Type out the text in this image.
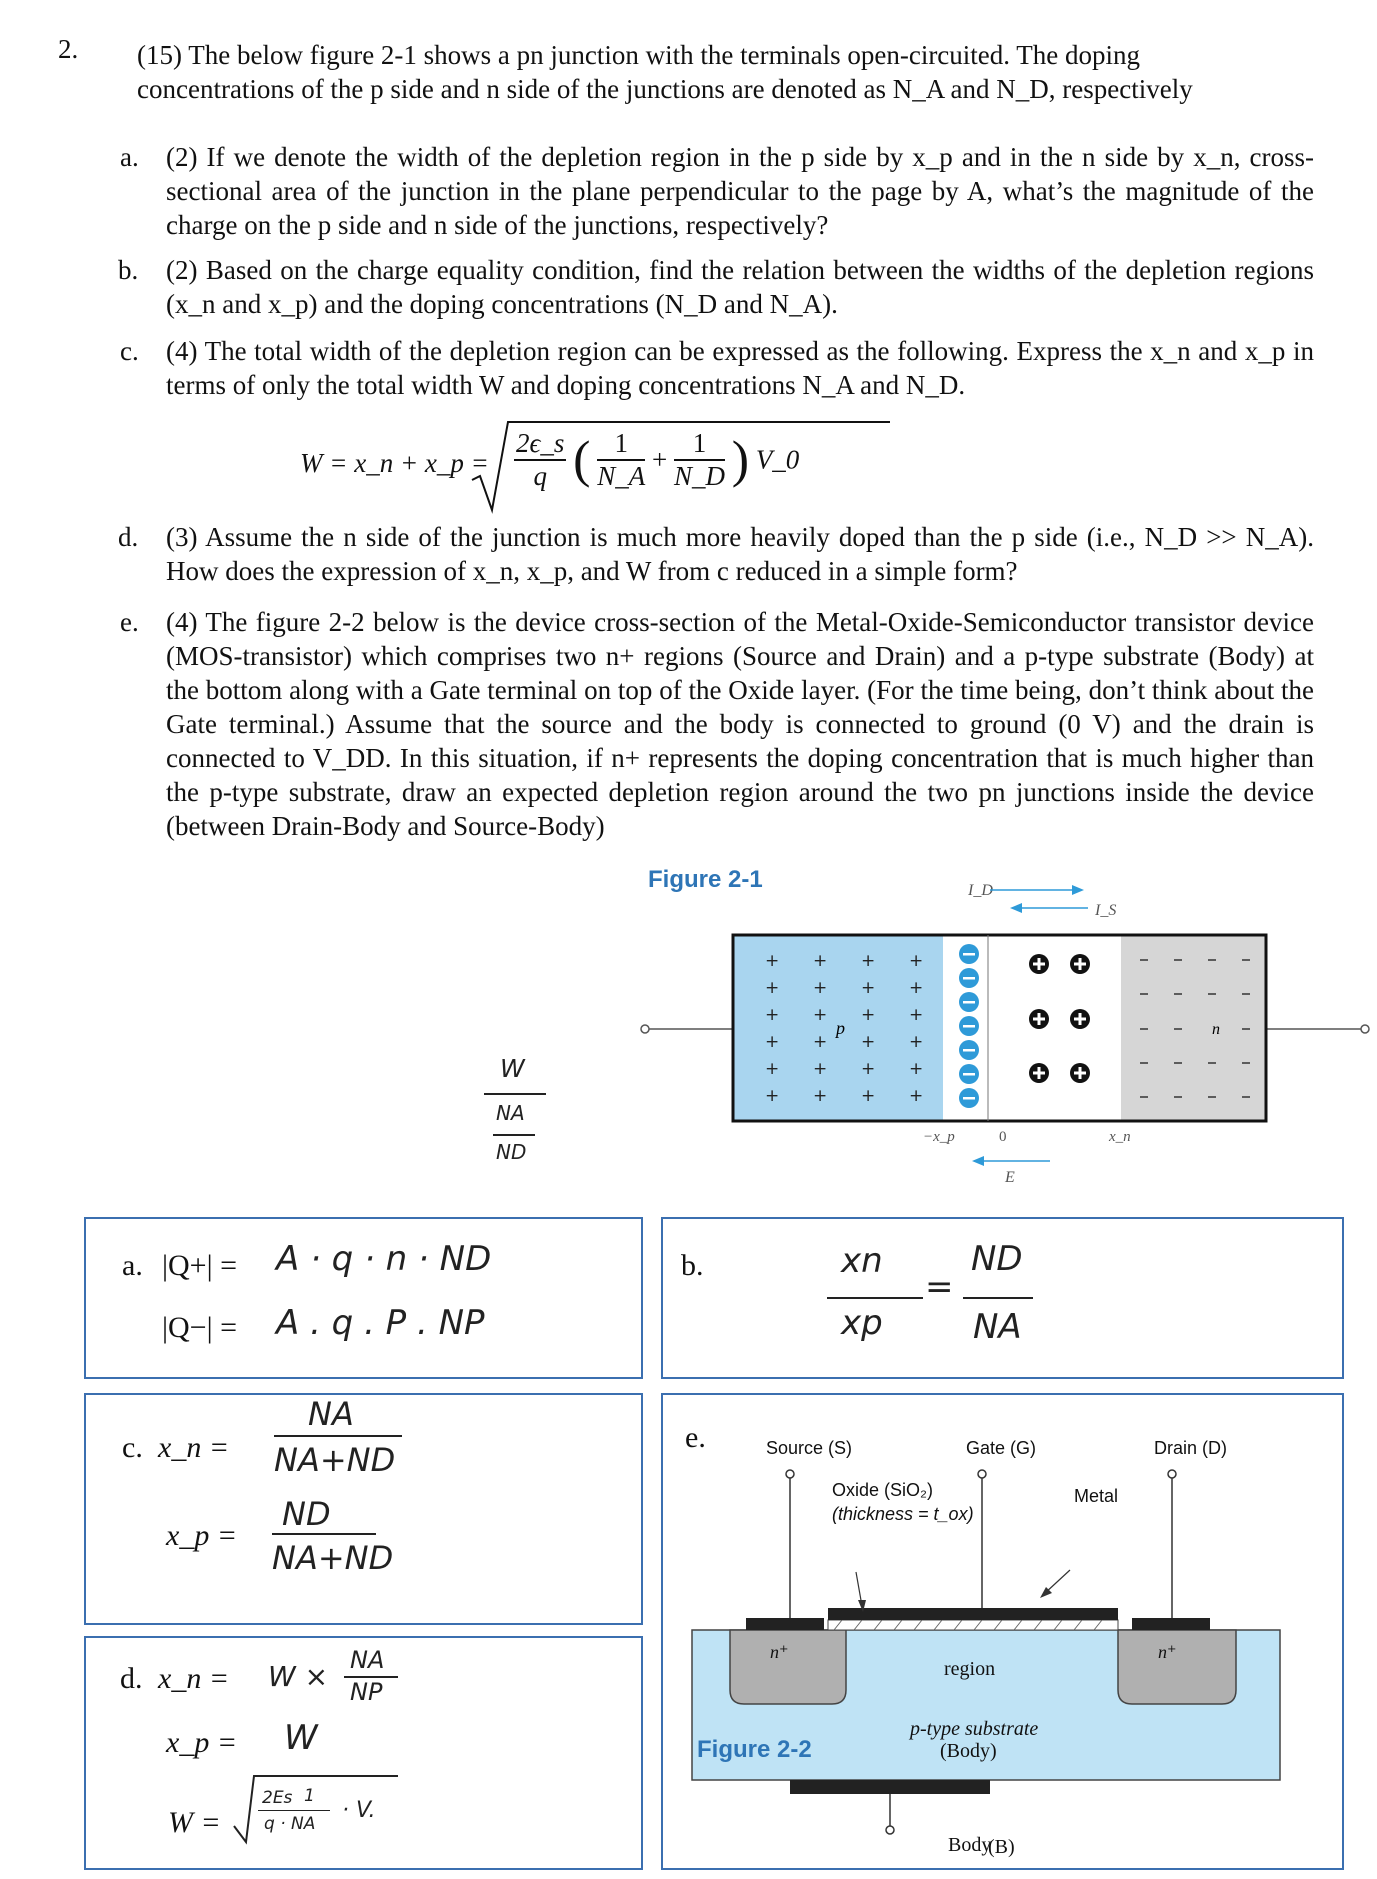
2. (15) The below figure 2-1 shows a pn junction with the terminals open-circuited. The doping
concentrations of the p side and n side of the junctions are denoted as N_A and N_D, respectively
a. (2) If we denote the width of the depletion region in the p side by x_p and in the n side by x_n, cross-sectional area of the junction in the plane perpendicular to the page by A, what’s the magnitude of the charge on the p side and n side of the junctions, respectively?
b. (2) Based on the charge equality condition, find the relation between the widths of the depletion regions (x_n and x_p) and the doping concentrations (N_D and N_A).
c. (4) The total width of the depletion region can be expressed as the following. Express the x_n and x_p in terms of only the total width W and doping concentrations N_A and N_D.
W = x_n + x_p = $\frac{2\epsilon\_s}{q}$ ( $\frac{1}{N\_A} + \frac{1}{N\_D}$ ) V_0
d. (3) Assume the n side of the junction is much more heavily doped than the p side (i.e., N_D >> N_A). How does the expression of x_n, x_p, and W from c reduced in a simple form?
e. (4) The figure 2-2 below is the device cross-section of the Metal-Oxide-Semiconductor transistor device (MOS-transistor) which comprises two n+ regions (Source and Drain) and a p-type substrate (Body) at the bottom along with a Gate terminal on top of the Oxide layer. (For the time being, don’t think about the Gate terminal.) Assume that the source and the body is connected to ground (0 V) and the drain is connected to V_DD. In this situation, if n+ represents the doping concentration that is much higher than the p-type substrate, draw an expected depletion region around the two pn junctions inside the device (between Drain-Body and Source-Body)
Figure 2-1
+ + + +
+ + + +
+ + + +
+ + + +
+ + + +
+ + + +
p	n
−x_p	0	x_n
E
I_D
I_S
W
NA
ND
a. |Q+| = A · q · n · ND
|Q−| = A . q . P . NP
b.	xn
xp
=
ND
NA
c. x_n =
NA
NA+ND
x_p =
ND
NA+ND
d. x_n = W × NA
NP
x_p = W
W =
2Es 1
q · NA
· V.
e.	Source (S)	Gate (G)	Drain (D)
Oxide (SiO₂)
(thickness = t_ox)
Metal
n⁺	n⁺
region
p-type substrate
(Body)
Body
(B)
Figure 2-2
